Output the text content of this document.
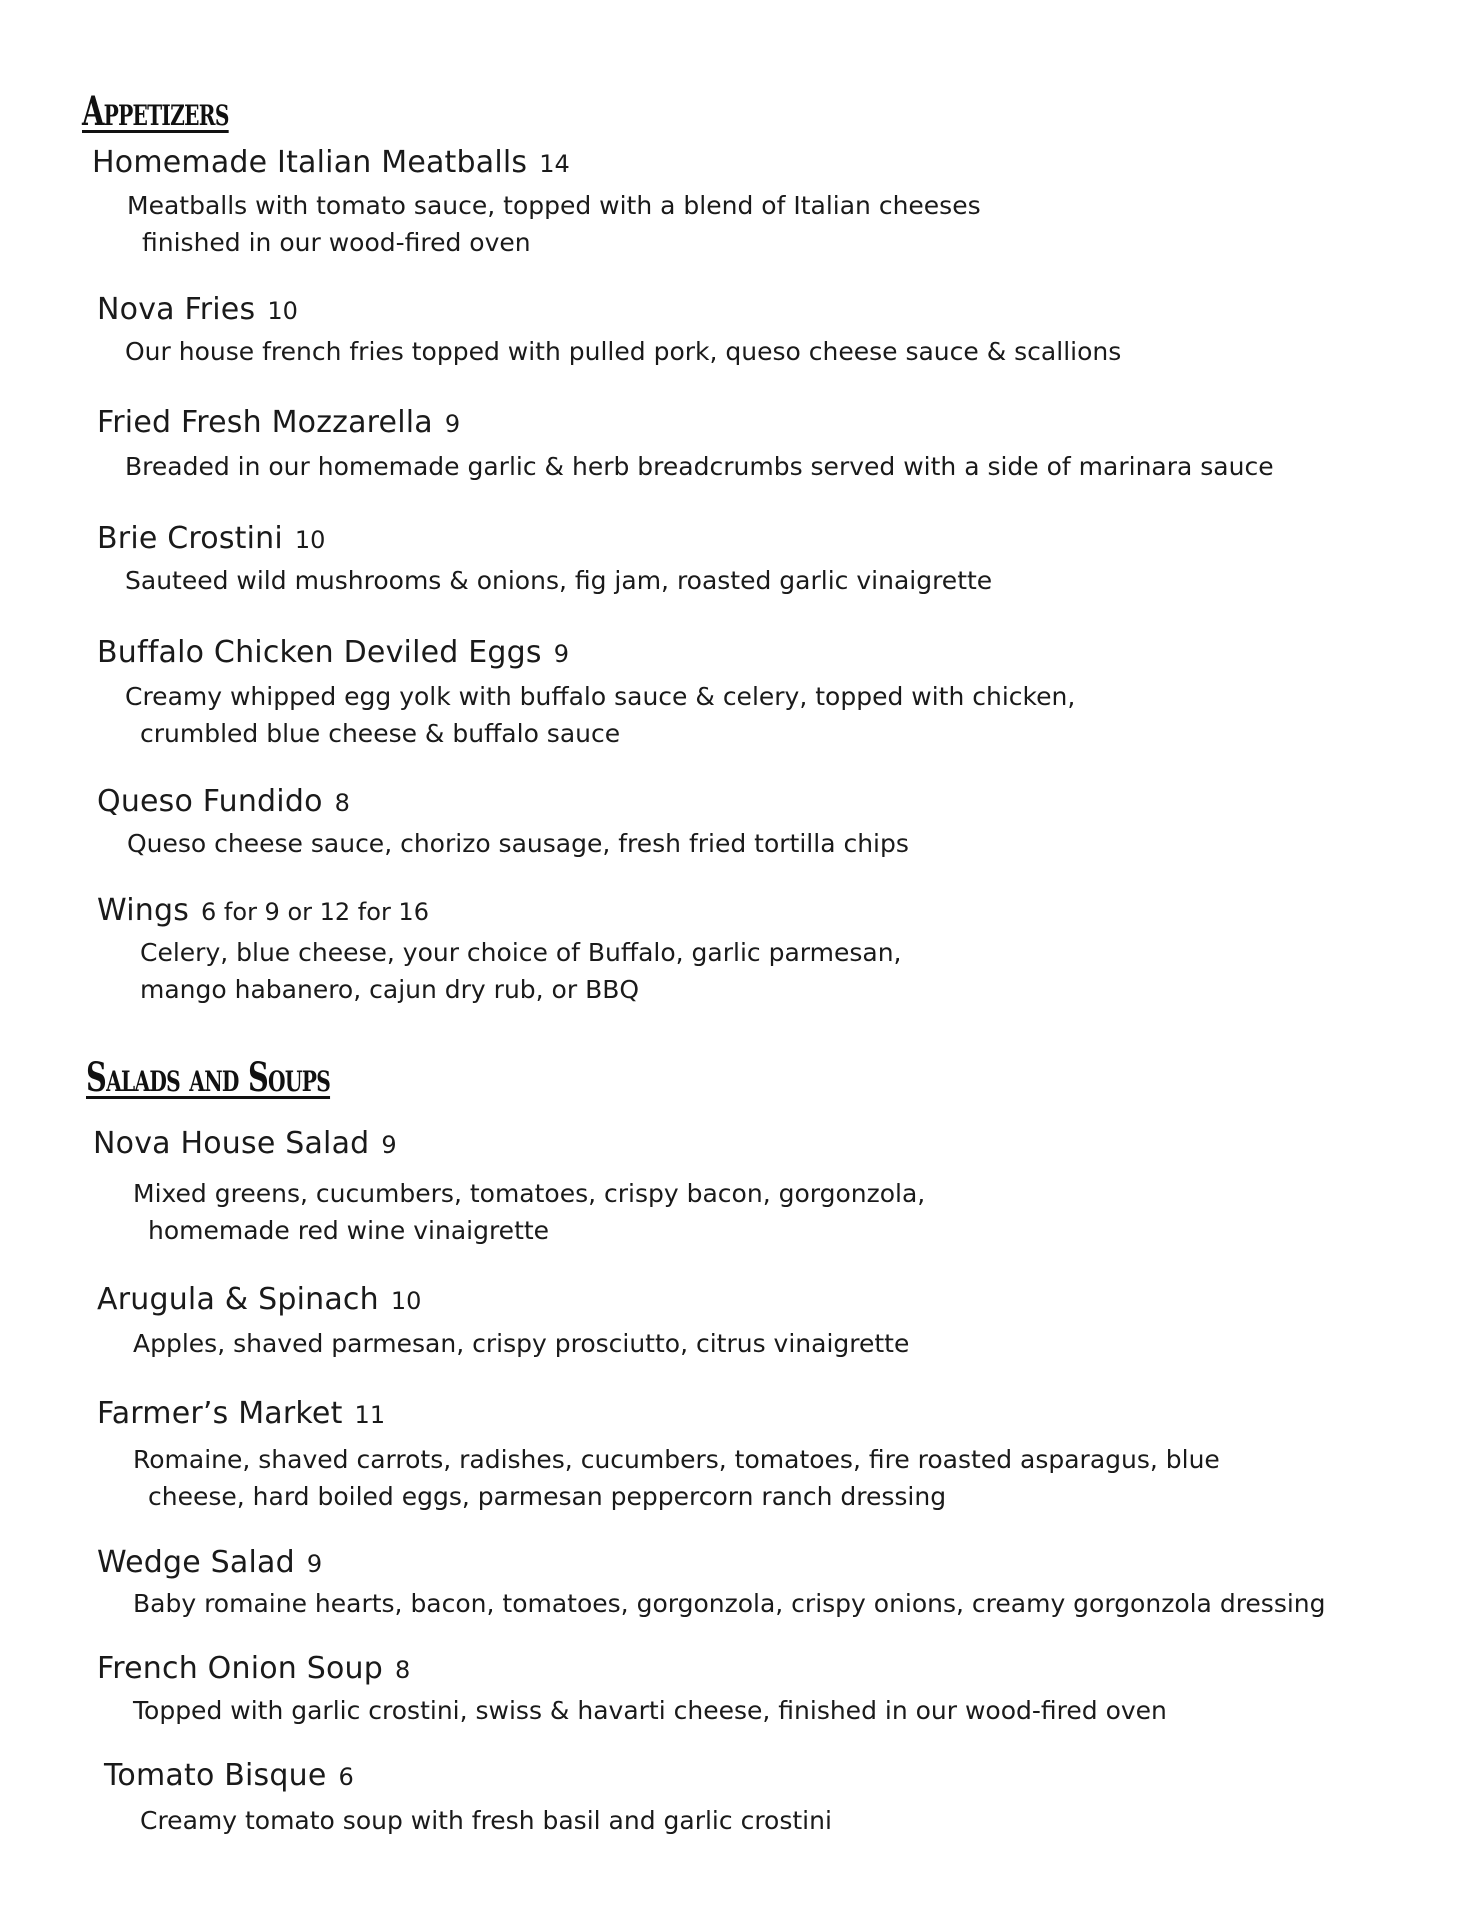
Appetizers
Homemade Italian Meatballs 14
Meatballs with tomato sauce, topped with a blend of Italian cheeses
finished in our wood-fired oven
Nova Fries 10
Our house french fries topped with pulled pork, queso cheese sauce & scallions
Fried Fresh Mozzarella 9
Breaded in our homemade garlic & herb breadcrumbs served with a side of marinara sauce
Brie Crostini 10
Sauteed wild mushrooms & onions, fig jam, roasted garlic vinaigrette
Buffalo Chicken Deviled Eggs 9
Creamy whipped egg yolk with buffalo sauce & celery, topped with chicken,
crumbled blue cheese & buffalo sauce
Queso Fundido 8
Queso cheese sauce, chorizo sausage, fresh fried tortilla chips
Wings 6 for 9 or 12 for 16
Celery, blue cheese, your choice of Buffalo, garlic parmesan,
mango habanero, cajun dry rub, or BBQ
Salads and Soups
Nova House Salad 9
Mixed greens, cucumbers, tomatoes, crispy bacon, gorgonzola,
homemade red wine vinaigrette
Arugula & Spinach 10
Apples, shaved parmesan, crispy prosciutto, citrus vinaigrette
Farmer’s Market 11
Romaine, shaved carrots, radishes, cucumbers, tomatoes, fire roasted asparagus, blue
cheese, hard boiled eggs, parmesan peppercorn ranch dressing
Wedge Salad 9
Baby romaine hearts, bacon, tomatoes, gorgonzola, crispy onions, creamy gorgonzola dressing
French Onion Soup 8
Topped with garlic crostini, swiss & havarti cheese, finished in our wood-fired oven
Tomato Bisque 6
Creamy tomato soup with fresh basil and garlic crostini
